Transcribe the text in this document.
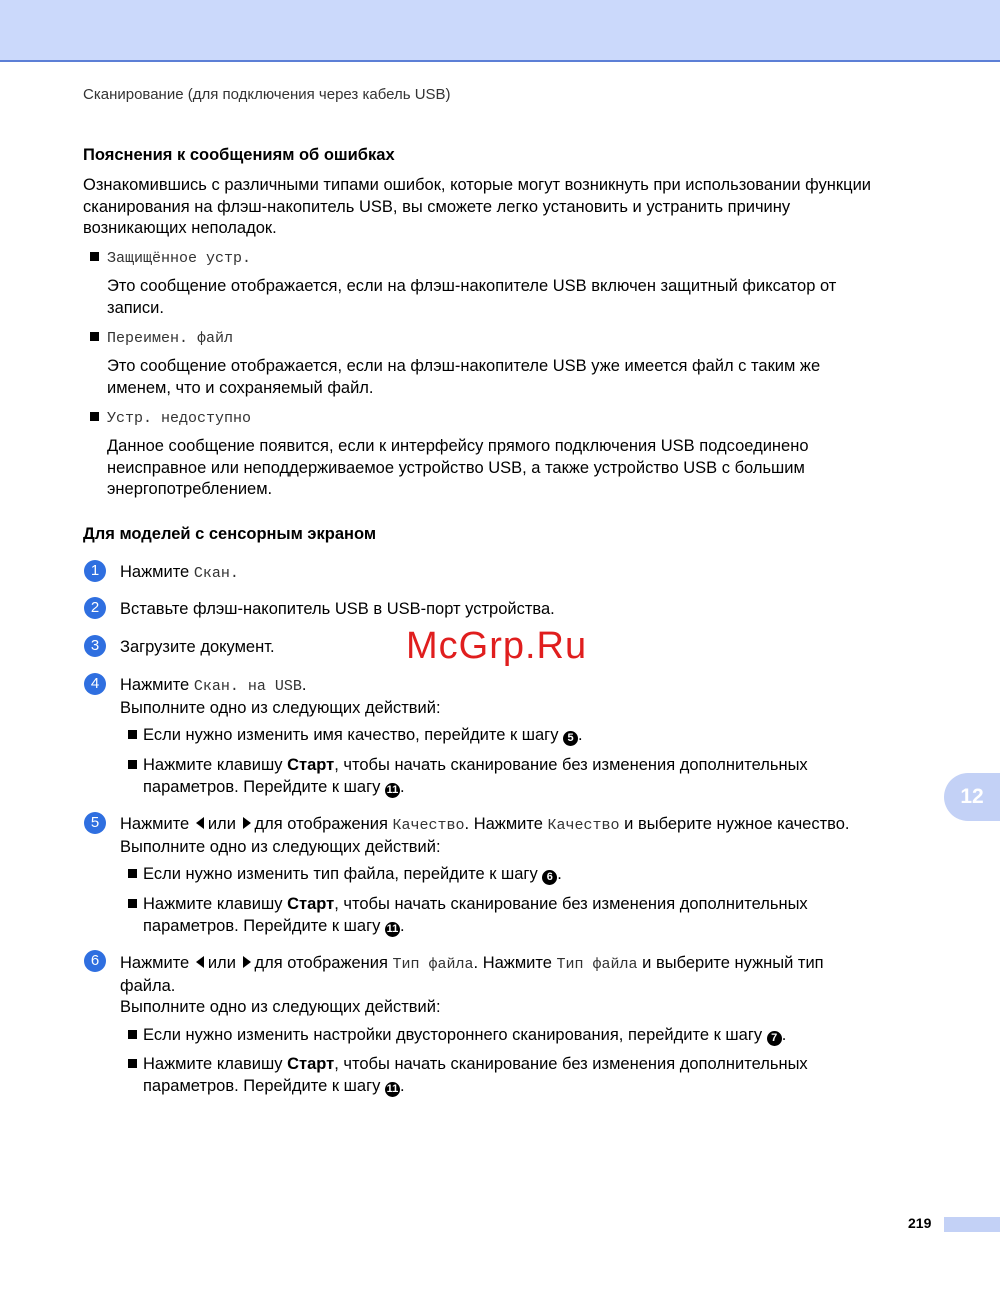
Сканирование (для подключения через кабель USB)
Пояснения к сообщениям об ошибках
Ознакомившись с различными типами ошибок, которые могут возникнуть при использовании функции
сканирования на флэш-накопитель USB, вы сможете легко установить и устранить причину
возникающих неполадок.
Защищённое устр.
Это сообщение отображается, если на флэш-накопителе USB включен защитный фиксатор от
записи.
Переимен. файл
Это сообщение отображается, если на флэш-накопителе USB уже имеется файл с таким же
именем, что и сохраняемый файл.
Устр. недоступно
Данное сообщение появится, если к интерфейсу прямого подключения USB подсоединено
неисправное или неподдерживаемое устройство USB, а также устройство USB с большим
энергопотреблением.
Для моделей с сенсорным экраном
1	Нажмите Скан.
2	Вставьте флэш-накопитель USB в USB-порт устройства.
3	Загрузите документ.
4	Нажмите Скан. на USB.
Выполните одно из следующих действий:
Если нужно изменить имя качество, перейдите к шагу 5 .
Нажмите клавишу Старт, чтобы начать сканирование без изменения дополнительных
параметров. Перейдите к шагу 11 .
5	Нажмите или для отображения Качество. Нажмите Качество и выберите нужное качество.
Выполните одно из следующих действий:
Если нужно изменить тип файла, перейдите к шагу 6 .
Нажмите клавишу Старт, чтобы начать сканирование без изменения дополнительных
параметров. Перейдите к шагу 11 .
6	Нажмите или для отображения Тип файла. Нажмите Тип файла и выберите нужный тип
файла.
Выполните одно из следующих действий:
Если нужно изменить настройки двустороннего сканирования, перейдите к шагу 7 .
Нажмите клавишу Старт, чтобы начать сканирование без изменения дополнительных
параметров. Перейдите к шагу 11 .
McGrp.Ru
12
219
